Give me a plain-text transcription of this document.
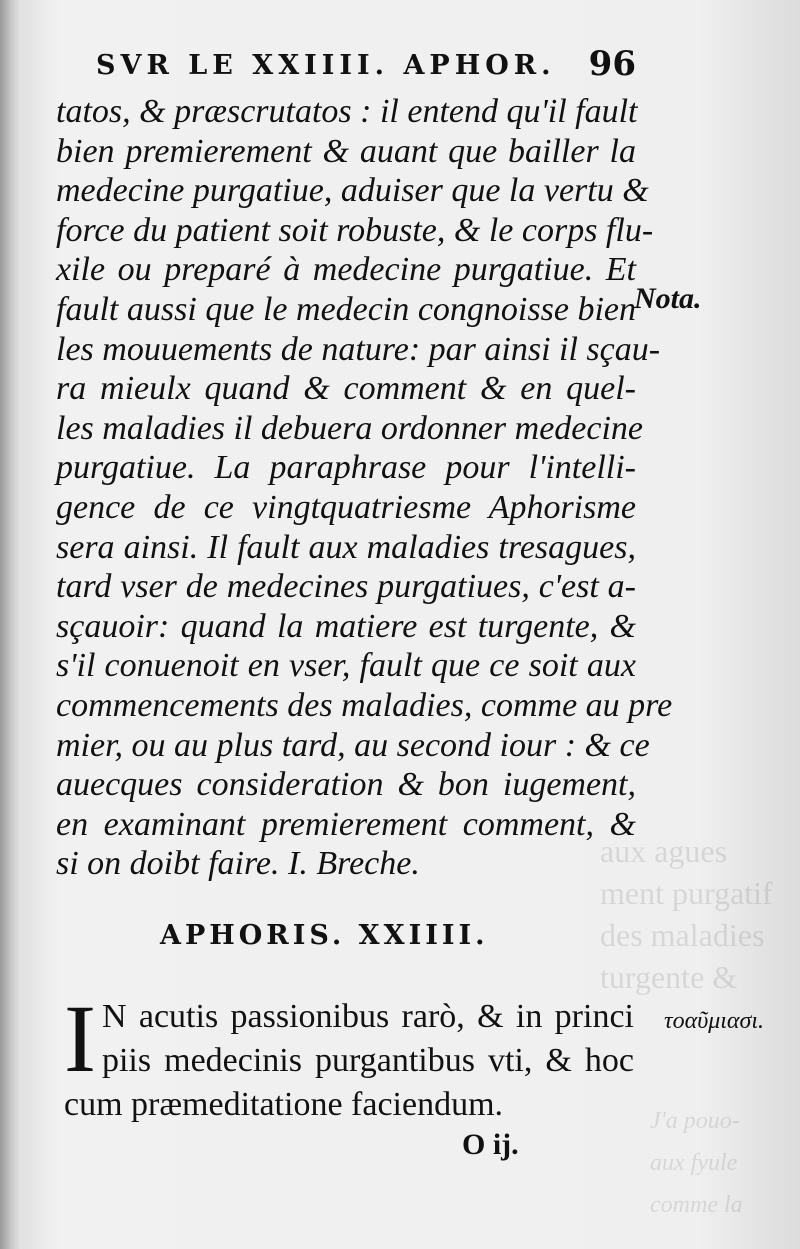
aux agues
ment purgatif
des maladies
turgente &
J'a pouo-
aux fyule
comme la
SVR LE XXIIII. APHOR. 96
tatos, & præscrutatos : il entend qu'il fault
bien premierement & auant que bailler la
medecine purgatiue, aduiser que la vertu &
force du patient soit robuste, & le corps flu-
xile ou preparé à medecine purgatiue. Et
fault aussi que le medecin congnoisse bien
les mouuements de nature: par ainsi il sçau-
ra mieulx quand & comment & en quel-
les maladies il debuera ordonner medecine
purgatiue. La paraphrase pour l'intelli-
gence de ce vingtquatriesme Aphorisme
sera ainsi. Il fault aux maladies tresagues,
tard vser de medecines purgatiues, c'est a-
sçauoir: quand la matiere est turgente, &
s'il conuenoit en vser, fault que ce soit aux
commencements des maladies, comme au pre
mier, ou au plus tard, au second iour : & ce
auecques consideration & bon iugement,
en examinant premierement comment, &
si on doibt faire. I. Breche.
Nota.
APHORIS. XXIIII.
I N acutis passionibus rarò, & in princi
piis medecinis purgantibus vti, & hoc
cum præmeditatione faciendum.
τοαῦμιασι.
O ij.
